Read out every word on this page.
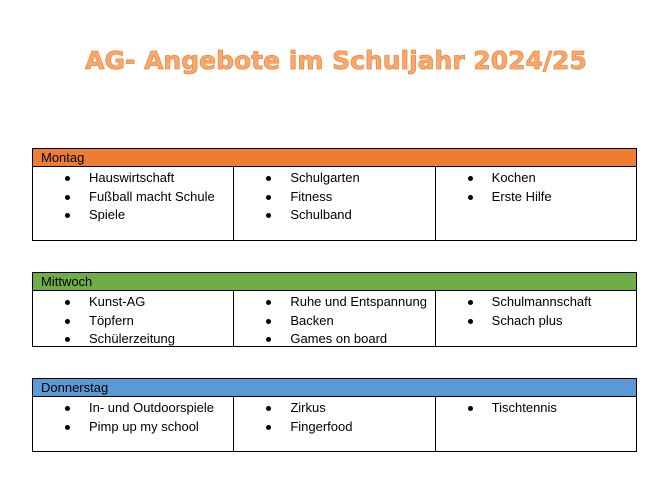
AG- Angebote im Schuljahr 2024/25
Montag
Hauswirtschaft
Fußball macht Schule
Spiele
Schulgarten
Fitness
Schulband
Kochen
Erste Hilfe
Mittwoch
Kunst-AG
Töpfern
Schülerzeitung
Ruhe und Entspannung
Backen
Games on board
Schulmannschaft
Schach plus
Donnerstag
In- und Outdoorspiele
Pimp up my school
Zirkus
Fingerfood
Tischtennis
